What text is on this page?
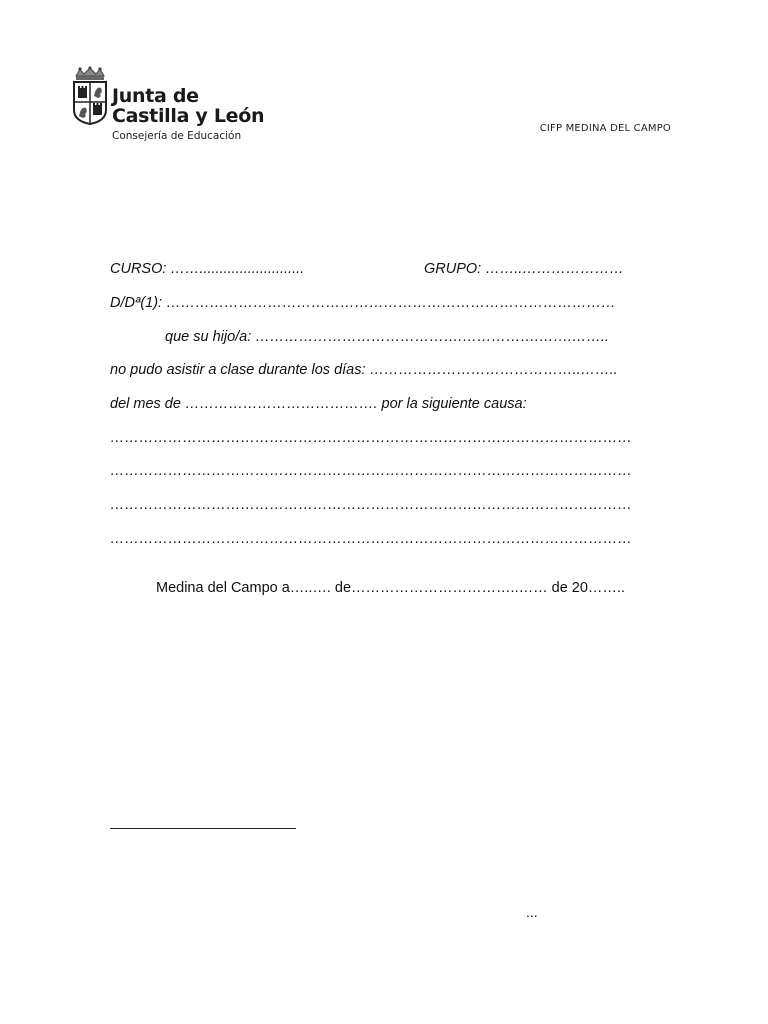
Junta de
Castilla y León
Consejería de Educación
CIFP MEDINA DEL CAMPO
CURSO: ……..........................	GRUPO: ……..…………………
D/Dª(1): …………………………………………………………………………………
que su hijo/a: …………………………………….…………….…….……..
no pudo asistir a clase durante los días: ……………………………………..……..
del mes de …………………………………. por la siguiente causa:
………………………………………………………………………………………………
………………………………………………………………………………………………
………………………………………………………………………………………………
………………………………………………………………………………………………
Medina del Campo a…..…. de……………………………..…… de 20……..
...
